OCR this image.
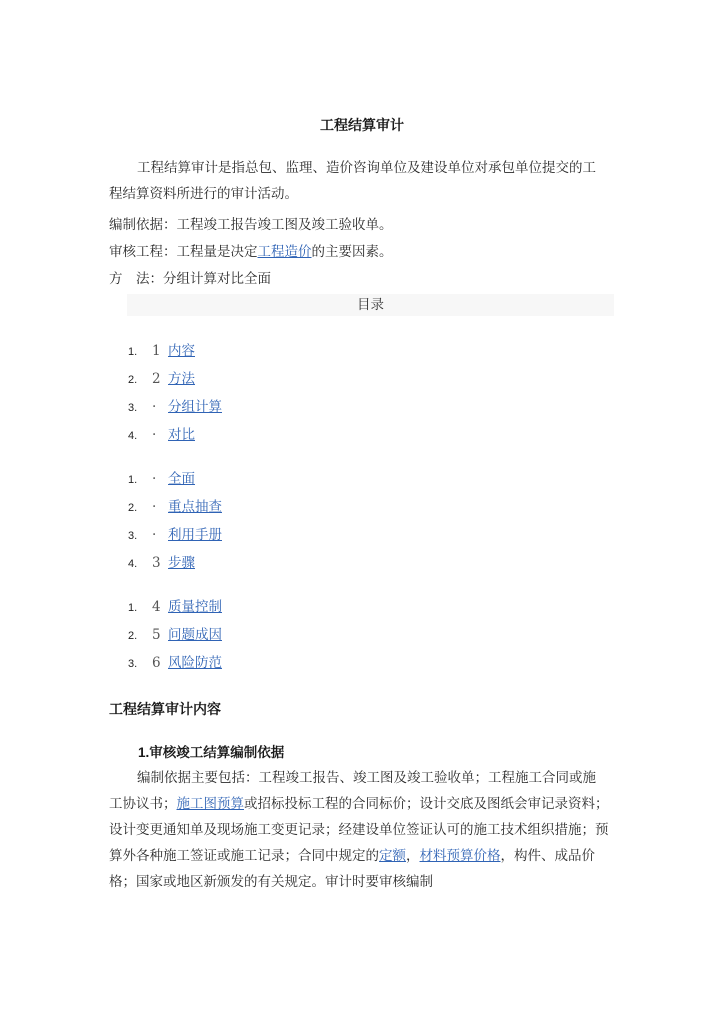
工程结算审计

工程结算审计是指总包、监理、造价咨询单位及建设单位对承包单位提交的工程结算资料所进行的审计活动。

编制依据：工程竣工报告竣工图及竣工验收单。
审核工程：工程量是决定工程造价的主要因素。
方　法：分组计算对比全面
目录
1. 1 内容
2. 2 方法
3. · 分组计算
4. · 对比
1. · 全面
2. · 重点抽查
3. · 利用手册
4. 3 步骤
1. 4 质量控制
2. 5 问题成因
3. 6 风险防范
工程结算审计内容
1.审核竣工结算编制依据

编制依据主要包括：工程竣工报告、竣工图及竣工验收单；工程施工合同或施工协议书；施工图预算或招标投标工程的合同标价；设计交底及图纸会审记录资料；设计变更通知单及现场施工变更记录；经建设单位签证认可的施工技术组织措施；预算外各种施工签证或施工记录；合同中规定的定额，材料预算价格，构件、成品价格；国家或地区新颁发的有关规定。审计时要审核编制
